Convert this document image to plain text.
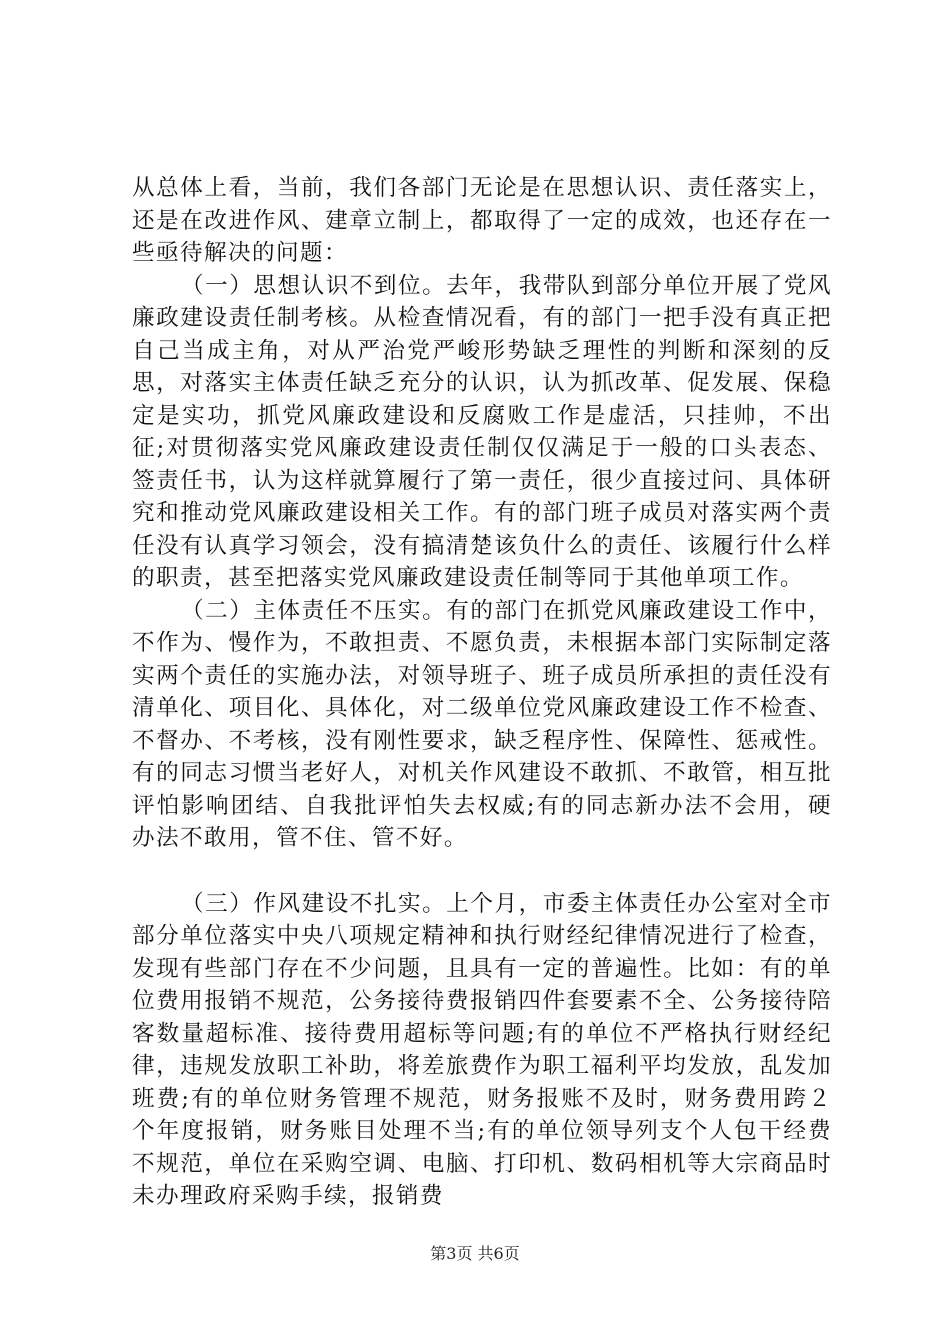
从总体上看，当前，我们各部门无论是在思想认识、责任落实上，还是在改进作风、建章立制上，都取得了一定的成效，也还存在一些亟待解决的问题：

（一）思想认识不到位。去年，我带队到部分单位开展了党风廉政建设责任制考核。从检查情况看，有的部门一把手没有真正把自己当成主角，对从严治党严峻形势缺乏理性的判断和深刻的反思，对落实主体责任缺乏充分的认识，认为抓改革、促发展、保稳定是实功，抓党风廉政建设和反腐败工作是虚活，只挂帅，不出征;对贯彻落实党风廉政建设责任制仅仅满足于一般的口头表态、签责任书，认为这样就算履行了第一责任，很少直接过问、具体研究和推动党风廉政建设相关工作。有的部门班子成员对落实两个责任没有认真学习领会，没有搞清楚该负什么的责任、该履行什么样的职责，甚至把落实党风廉政建设责任制等同于其他单项工作。

（二）主体责任不压实。有的部门在抓党风廉政建设工作中，不作为、慢作为，不敢担责、不愿负责，未根据本部门实际制定落实两个责任的实施办法，对领导班子、班子成员所承担的责任没有清单化、项目化、具体化，对二级单位党风廉政建设工作不检查、不督办、不考核，没有刚性要求，缺乏程序性、保障性、惩戒性。有的同志习惯当老好人，对机关作风建设不敢抓、不敢管，相互批评怕影响团结、自我批评怕失去权威;有的同志新办法不会用，硬办法不敢用，管不住、管不好。

（三）作风建设不扎实。上个月，市委主体责任办公室对全市部分单位落实中央八项规定精神和执行财经纪律情况进行了检查，发现有些部门存在不少问题，且具有一定的普遍性。比如：有的单位费用报销不规范，公务接待费报销四件套要素不全、公务接待陪客数量超标准、接待费用超标等问题;有的单位不严格执行财经纪律，违规发放职工补助，将差旅费作为职工福利平均发放，乱发加班费;有的单位财务管理不规范，财务报账不及时，财务费用跨２个年度报销，财务账目处理不当;有的单位领导列支个人包干经费不规范，单位在采购空调、电脑、打印机、数码相机等大宗商品时未办理政府采购手续，报销费

第3页 共6页
